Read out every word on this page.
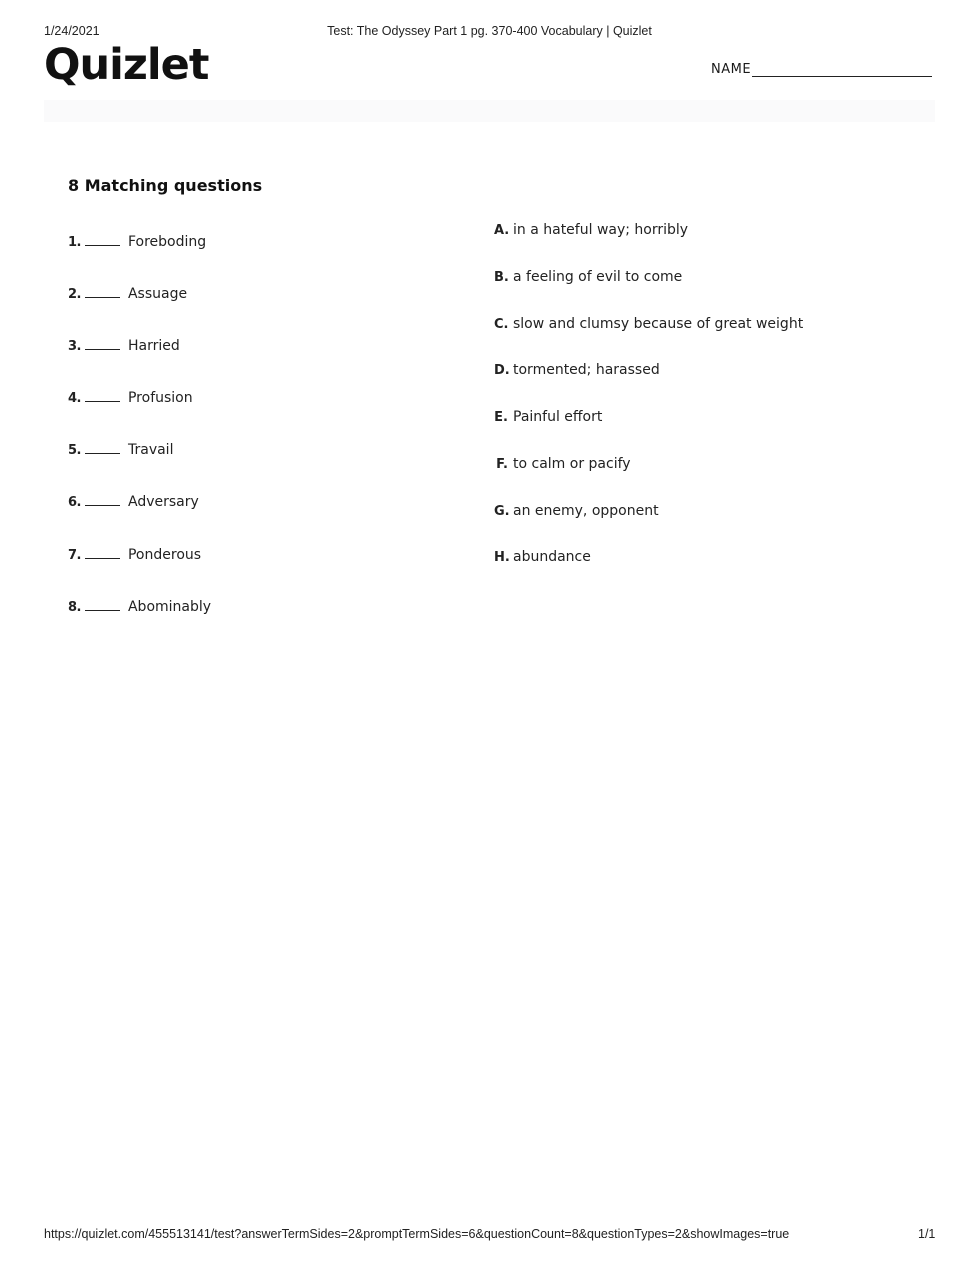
1/24/2021	Test: The Odyssey Part 1 pg. 370-400 Vocabulary | Quizlet
Quizlet	NAME
8 Matching questions
1.	Foreboding
2.	Assuage
3.	Harried
4.	Profusion
5.	Travail
6.	Adversary
7.	Ponderous
8.	Abominably
A. in a hateful way; horribly
B. a feeling of evil to come
C. slow and clumsy because of great weight
D. tormented; harassed
E. Painful effort
F. to calm or pacify
G. an enemy, opponent
H. abundance
https://quizlet.com/455513141/test?answerTermSides=2&promptTermSides=6&questionCount=8&questionTypes=2&showImages=true	1/1
